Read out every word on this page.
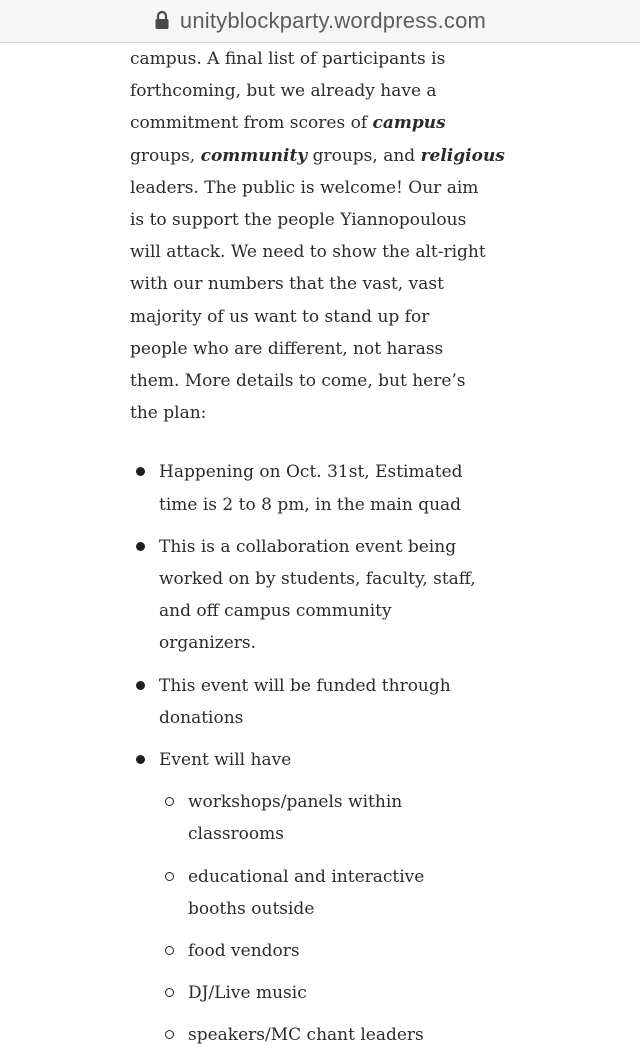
unityblockparty.wordpress.com

campus. A final list of participants is
forthcoming, but we already have a
commitment from scores of campus
groups, community groups, and religious
leaders. The public is welcome! Our aim
is to support the people Yiannopoulous
will attack. We need to show the alt-right
with our numbers that the vast, vast
majority of us want to stand up for
people who are different, not harass
them. More details to come, but here’s
the plan:

Happening on Oct. 31st, Estimated
time is 2 to 8 pm, in the main quad
This is a collaboration event being
worked on by students, faculty, staff,
and off campus community
organizers.
This event will be funded through
donations
Event will have
workshops/panels within
classrooms
educational and interactive
booths outside
food vendors
DJ/Live music
speakers/MC chant leaders
